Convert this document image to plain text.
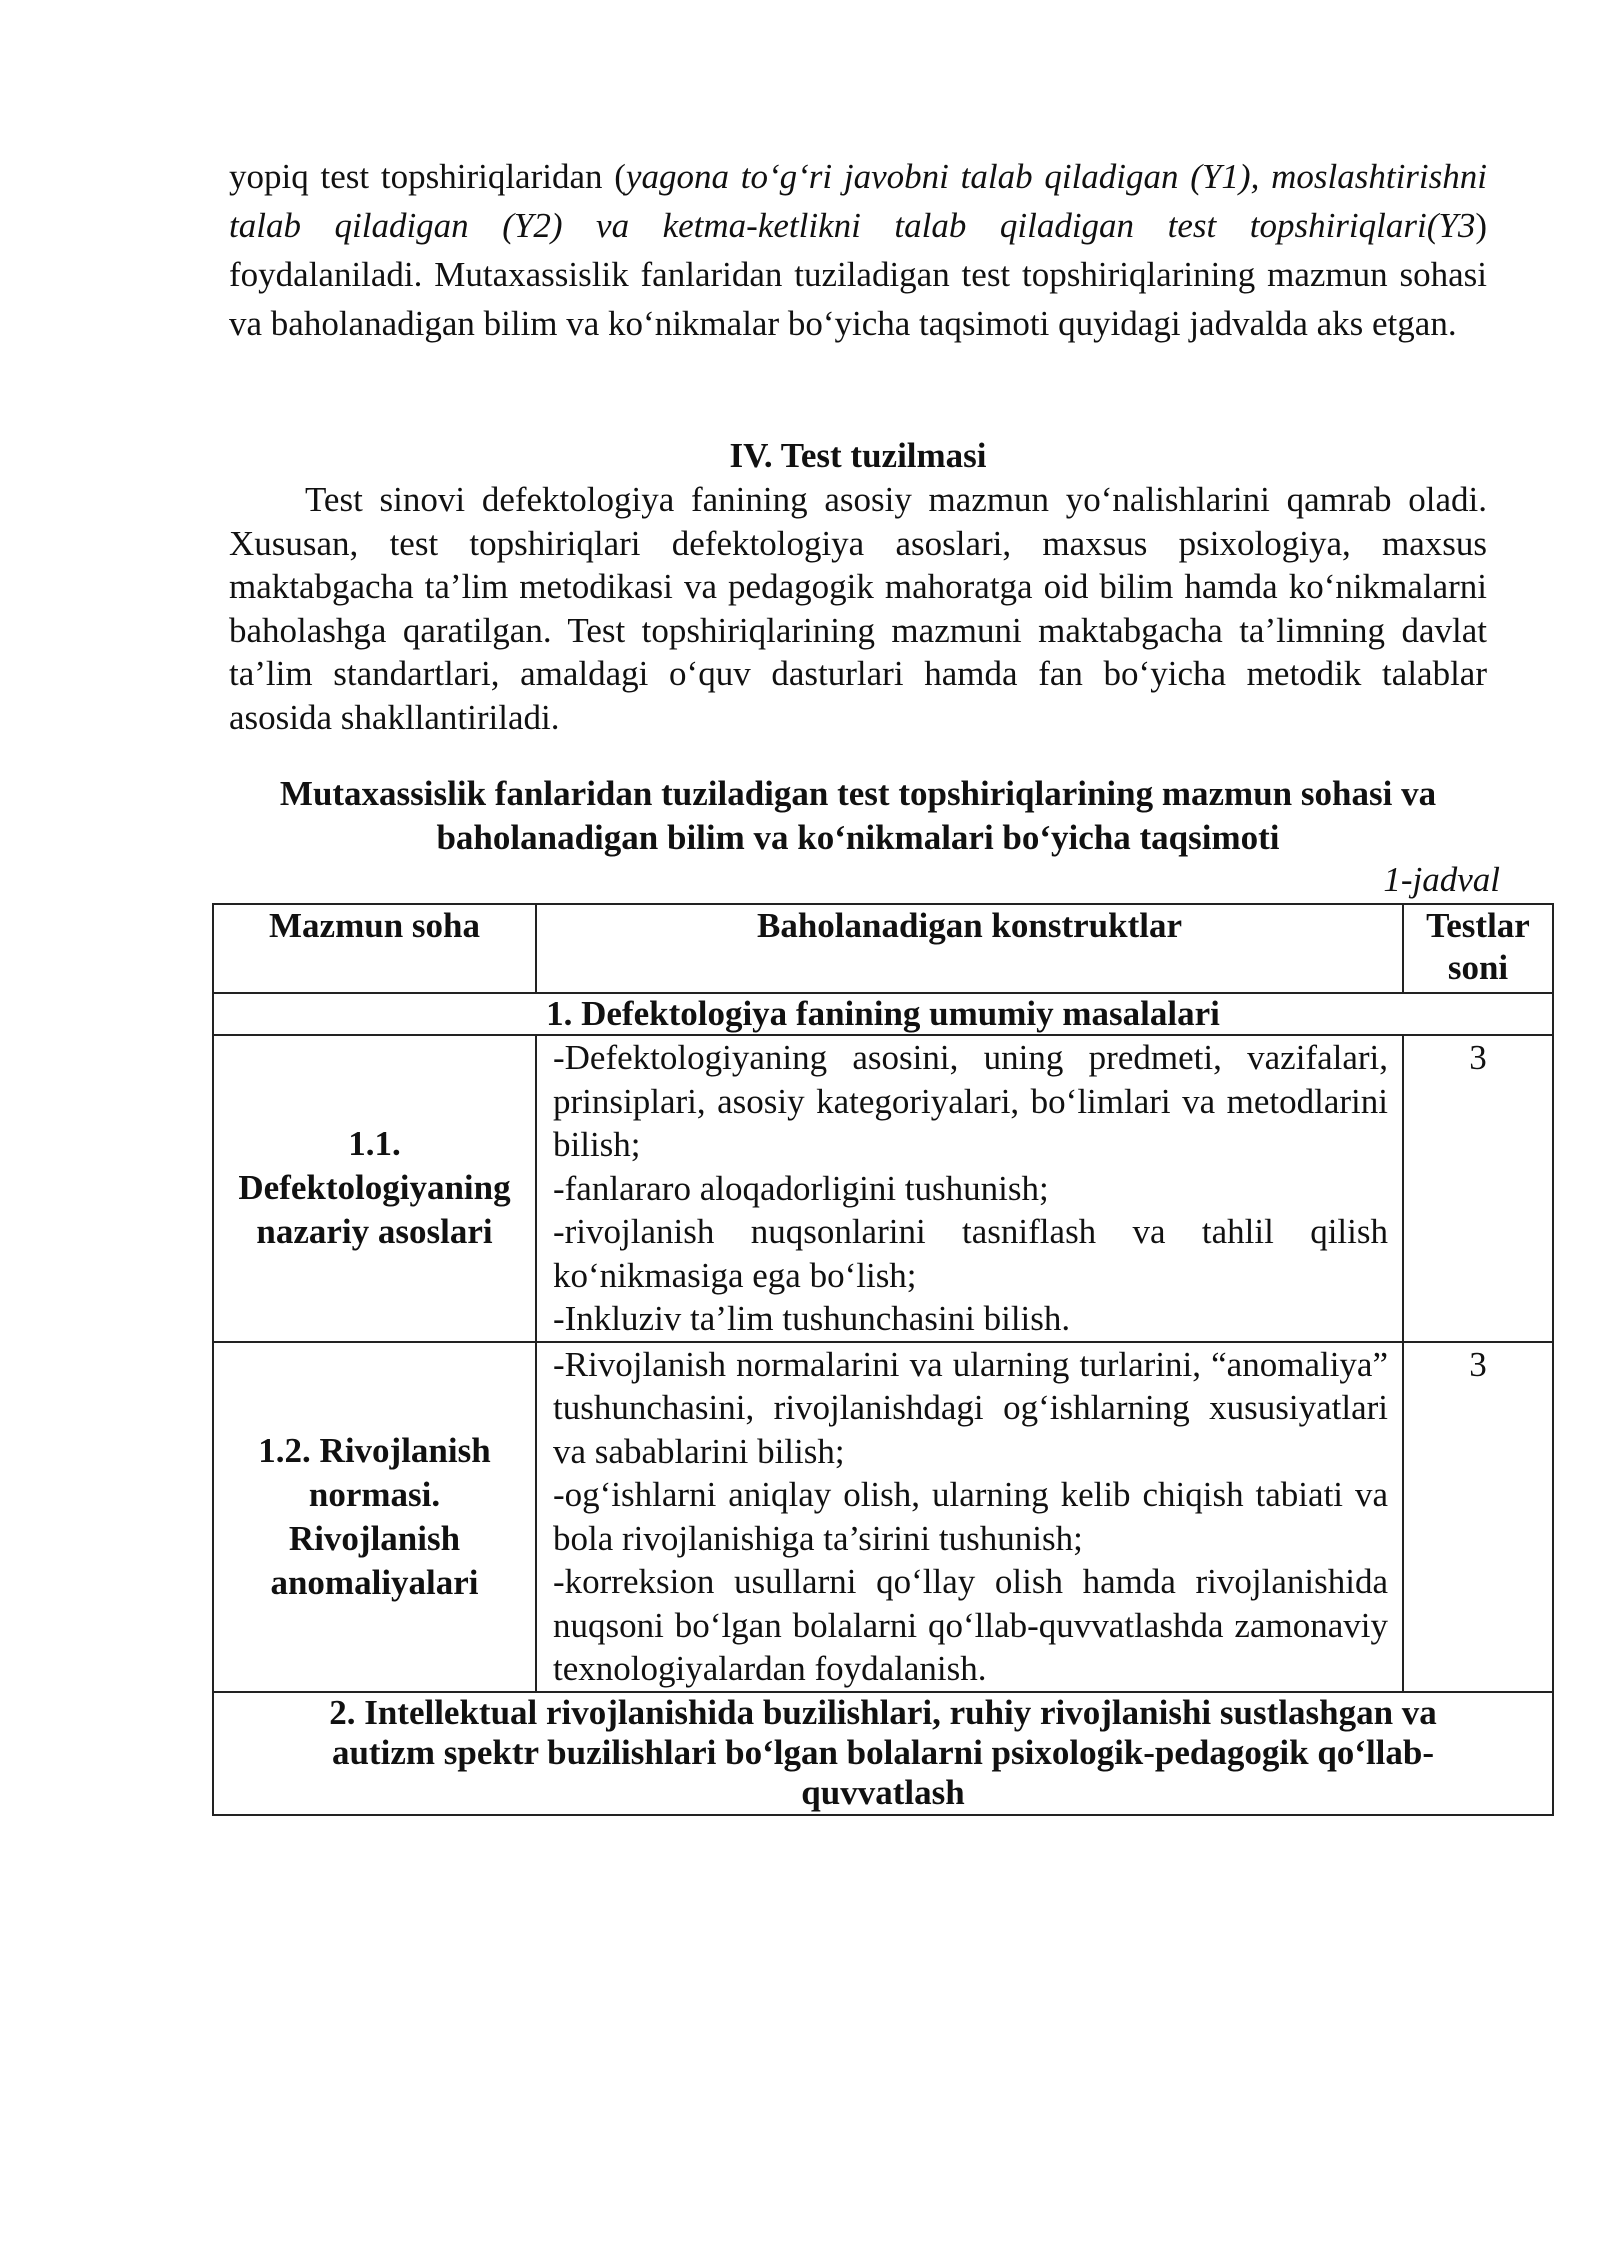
yopiq test topshiriqlaridan (yagona to‘g‘ri javobni talab qiladigan (Y1), moslashtirishni talab qiladigan (Y2) va ketma-ketlikni talab qiladigan test topshiriqlari(Y3) foydalaniladi. Mutaxassislik fanlaridan tuziladigan test topshiriqlarining mazmun sohasi va baholanadigan bilim va ko‘nikmalar bo‘yicha taqsimoti quyidagi jadvalda aks etgan.

IV. Test tuzilmasi

Test sinovi defektologiya fanining asosiy mazmun yo‘nalishlarini qamrab oladi. Xususan, test topshiriqlari defektologiya asoslari, maxsus psixologiya, maxsus maktabgacha ta’lim metodikasi va pedagogik mahoratga oid bilim hamda ko‘nikmalarni baholashga qaratilgan. Test topshiriqlarining mazmuni maktabgacha ta’limning davlat ta’lim standartlari, amaldagi o‘quv dasturlari hamda fan bo‘yicha metodik talablar asosida shakllantiriladi.

Mutaxassislik fanlaridan tuziladigan test topshiriqlarining mazmun sohasi va baholanadigan bilim va ko‘nikmalari bo‘yicha taqsimoti

1-jadval
Mazmun soha	Baholanadigan konstruktlar	Testlar soni
1. Defektologiya fanining umumiy masalalari		
1.1. Defektologiyaning nazariy asoslari	-Defektologiyaning asosini, uning predmeti, vazifalari, prinsiplari, asosiy kategoriyalari, bo‘limlari va metodlarini bilish;
-fanlararo aloqadorligini tushunish;
-rivojlanish nuqsonlarini tasniflash va tahlil qilish ko‘nikmasiga ega bo‘lish;
-Inkluziv ta’lim tushunchasini bilish.	3
1.2. Rivojlanish normasi. Rivojlanish anomaliyalari	-Rivojlanish normalarini va ularning turlarini, “anomaliya” tushunchasini, rivojlanishdagi og‘ishlarning xususiyatlari va sabablarini bilish;
-og‘ishlarni aniqlay olish, ularning kelib chiqish tabiati va bola rivojlanishiga ta’sirini tushunish;
-korreksion usullarni qo‘llay olish hamda rivojlanishida nuqsoni bo‘lgan bolalarni qo‘llab-quvvatlashda zamonaviy texnologiyalardan foydalanish.	3
2. Intellektual rivojlanishida buzilishlari, ruhiy rivojlanishi sustlashgan va autizm spektr buzilishlari bo‘lgan bolalarni psixologik-pedagogik qo‘llab-quvvatlash		
